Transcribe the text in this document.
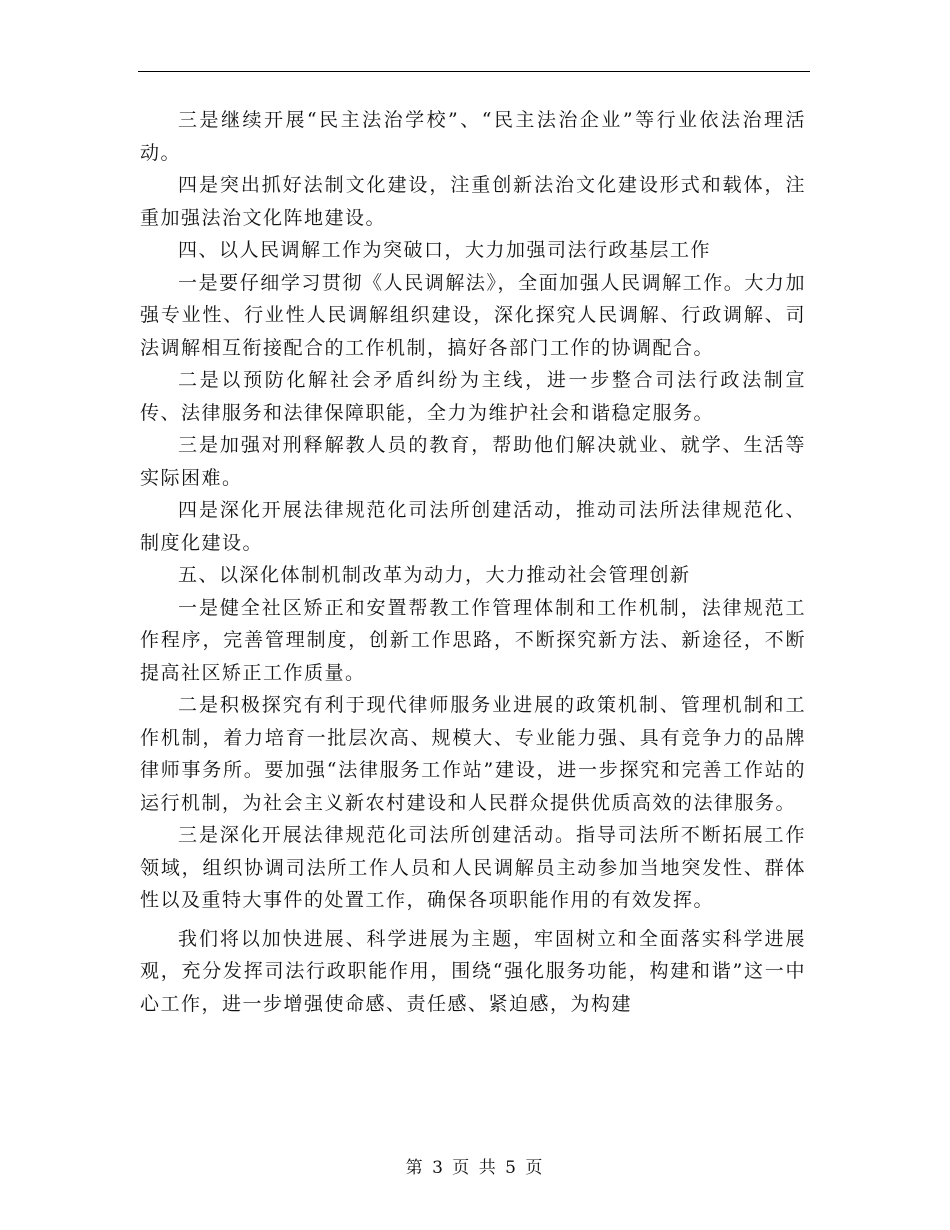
三是继续开展“民主法治学校”、“民主法治企业”等行业依法治理活动。

四是突出抓好法制文化建设，注重创新法治文化建设形式和载体，注重加强法治文化阵地建设。

四、以人民调解工作为突破口，大力加强司法行政基层工作

一是要仔细学习贯彻《人民调解法》，全面加强人民调解工作。大力加强专业性、行业性人民调解组织建设，深化探究人民调解、行政调解、司法调解相互衔接配合的工作机制，搞好各部门工作的协调配合。

二是以预防化解社会矛盾纠纷为主线，进一步整合司法行政法制宣传、法律服务和法律保障职能，全力为维护社会和谐稳定服务。

三是加强对刑释解教人员的教育，帮助他们解决就业、就学、生活等实际困难。

四是深化开展法律规范化司法所创建活动，推动司法所法律规范化、制度化建设。

五、以深化体制机制改革为动力，大力推动社会管理创新

一是健全社区矫正和安置帮教工作管理体制和工作机制，法律规范工作程序，完善管理制度，创新工作思路，不断探究新方法、新途径，不断提高社区矫正工作质量。

二是积极探究有利于现代律师服务业进展的政策机制、管理机制和工作机制，着力培育一批层次高、规模大、专业能力强、具有竞争力的品牌律师事务所。要加强“法律服务工作站”建设，进一步探究和完善工作站的运行机制，为社会主义新农村建设和人民群众提供优质高效的法律服务。

三是深化开展法律规范化司法所创建活动。指导司法所不断拓展工作领域，组织协调司法所工作人员和人民调解员主动参加当地突发性、群体性以及重特大事件的处置工作，确保各项职能作用的有效发挥。

我们将以加快进展、科学进展为主题，牢固树立和全面落实科学进展观，充分发挥司法行政职能作用，围绕“强化服务功能，构建和谐”这一中心工作，进一步增强使命感、责任感、紧迫感，为构建

第 3 页 共 5 页
